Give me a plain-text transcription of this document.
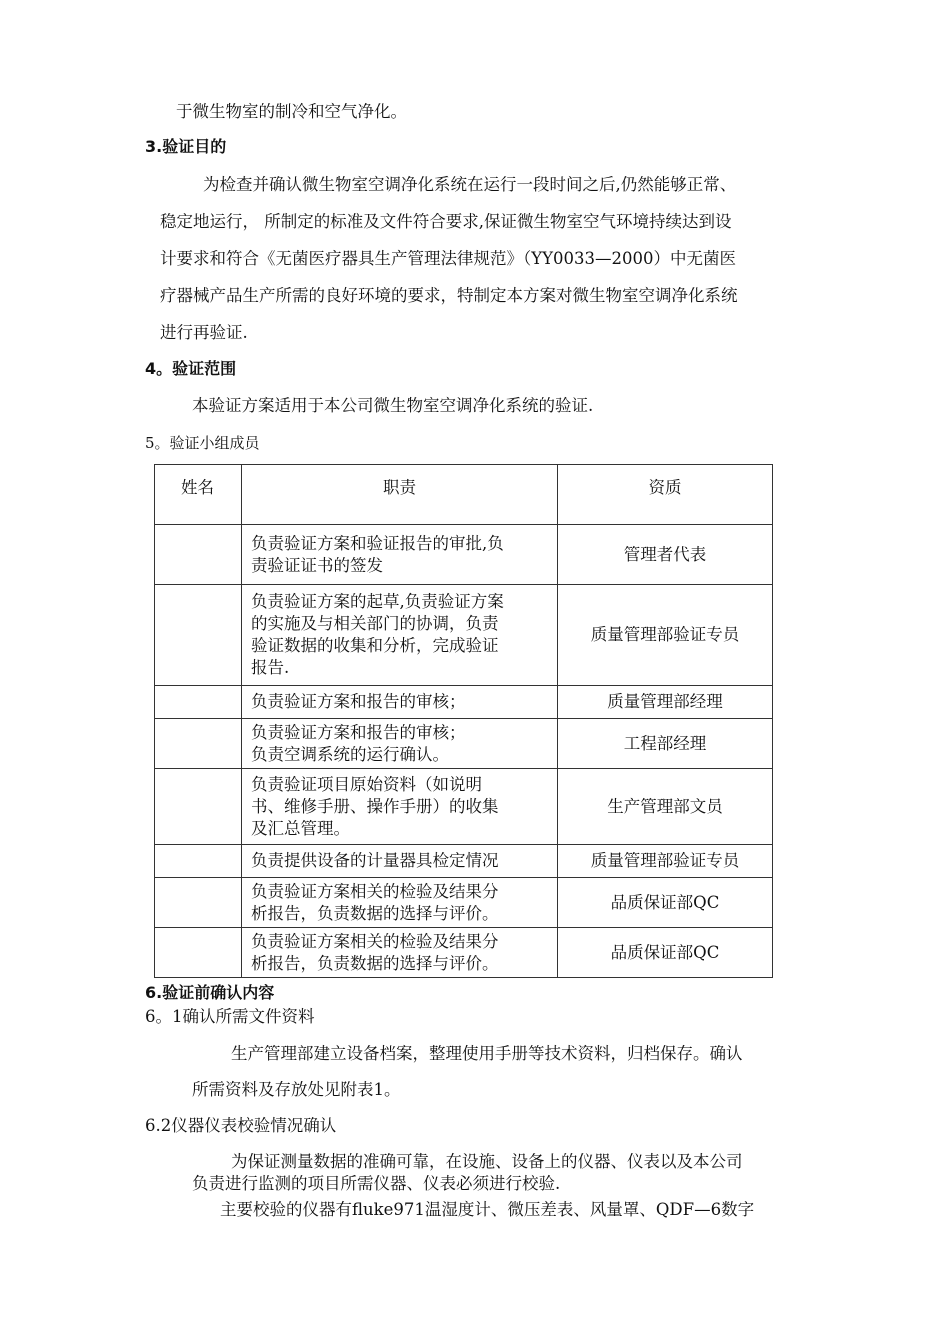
于微生物室的制冷和空气净化。
3.验证目的
为检查并确认微生物室空调净化系统在运行一段时间之后,仍然能够正常、
稳定地运行， 所制定的标准及文件符合要求,保证微生物室空气环境持续达到设
计要求和符合《无菌医疗器具生产管理法律规范》（YY0033—2000）中无菌医
疗器械产品生产所需的良好环境的要求，特制定本方案对微生物室空调净化系统
进行再验证.
4。验证范围
本验证方案适用于本公司微生物室空调净化系统的验证.
5。验证小组成员
姓名	职责	资质

	负责验证方案和验证报告的审批,负
责验证证书的签发	管理者代表

	负责验证方案的起草,负责验证方案
的实施及与相关部门的协调，负责
验证数据的收集和分析，完成验证
报告.	质量管理部验证专员

	负责验证方案和报告的审核；	质量管理部经理

	负责验证方案和报告的审核；
负责空调系统的运行确认。	工程部经理

	负责验证项目原始资料（如说明
书、维修手册、操作手册）的收集
及汇总管理。	生产管理部文员

	负责提供设备的计量器具检定情况	质量管理部验证专员

	负责验证方案相关的检验及结果分
析报告，负责数据的选择与评价。	品质保证部QC

	负责验证方案相关的检验及结果分
析报告，负责数据的选择与评价。	品质保证部QC
6.验证前确认内容
6。1确认所需文件资料
生产管理部建立设备档案，整理使用手册等技术资料，归档保存。确认
所需资料及存放处见附表1。
6.2仪器仪表校验情况确认
为保证测量数据的准确可靠，在设施、设备上的仪器、仪表以及本公司
负责进行监测的项目所需仪器、仪表必须进行校验.
主要校验的仪器有fluke971温湿度计、微压差表、风量罩、QDF—6数字
